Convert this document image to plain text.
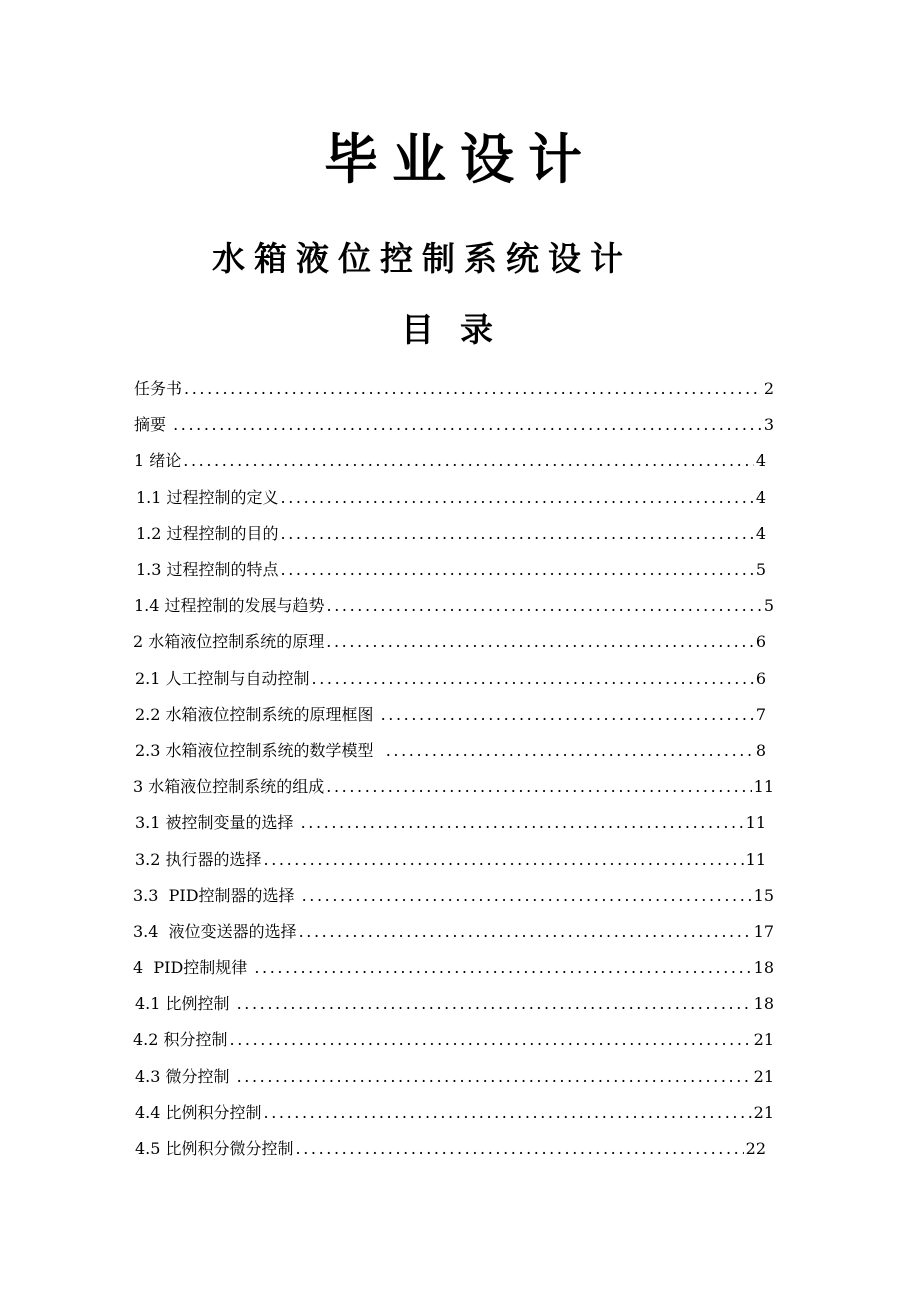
毕业设计
水箱液位控制系统设计
目录
任务书 .....	2
摘要 .....	3
1 绪论 .....	4
1.1 过程控制的定义 .....	4
1.2 过程控制的目的 .....	4
1.3 过程控制的特点 .....	5
1.4 过程控制的发展与趋势 .....	5
2 水箱液位控制系统的原理 .....	6
2.1 人工控制与自动控制 .....	6
2.2 水箱液位控制系统的原理框图 .....	7
2.3 水箱液位控制系统的数学模型 .....	8
3 水箱液位控制系统的组成 .....	11
3.1 被控制变量的选择 .....	11
3.2 执行器的选择 .....	11
3.3  PID控制器的选择 .....	15
3.4  液位变送器的选择 .....	17
4  PID控制规律 .....	18
4.1 比例控制 .....	18
4.2 积分控制 .....	21
4.3 微分控制 .....	21
4.4 比例积分控制 .....	21
4.5 比例积分微分控制 .....	22
